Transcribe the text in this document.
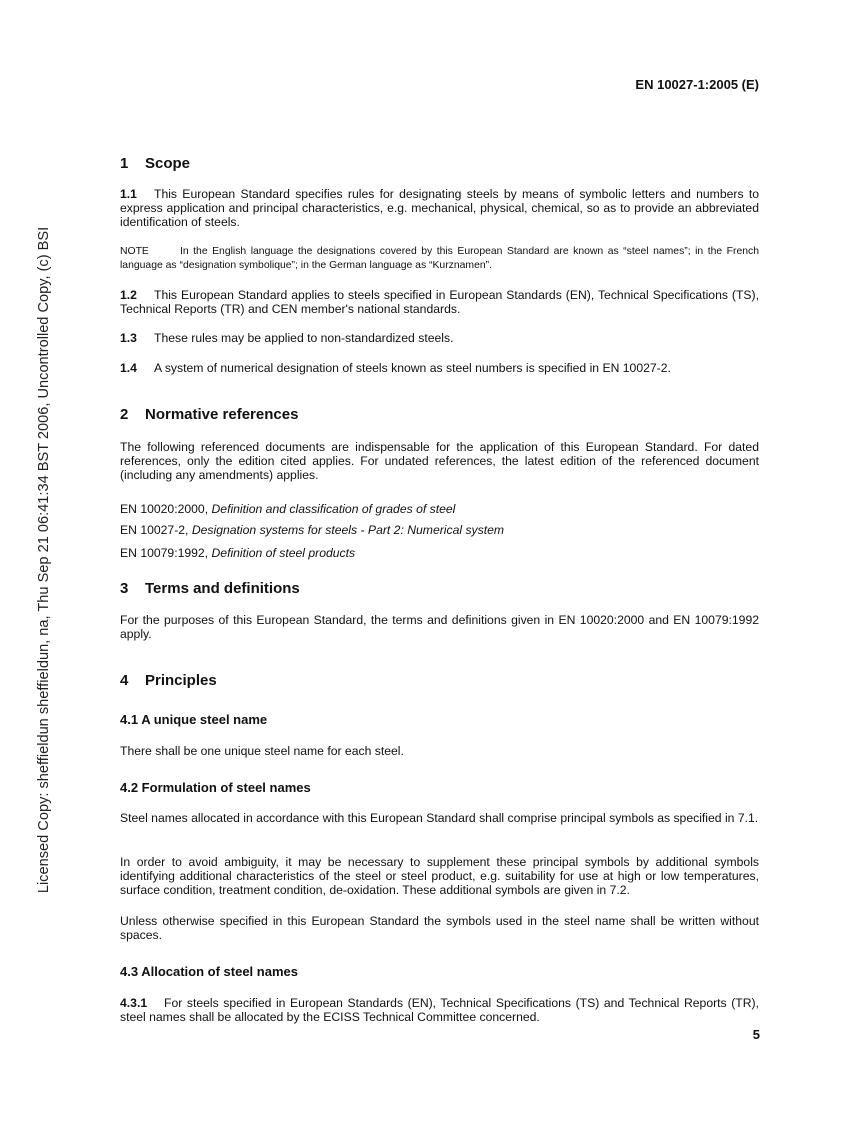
EN 10027-1:2005 (E)
Licensed Copy: sheffieldun sheffieldun, na, Thu Sep 21 06:41:34 BST 2006, Uncontrolled Copy, (c) BSI
1 Scope

1.1 This European Standard specifies rules for designating steels by means of symbolic letters and numbers to express application and principal characteristics, e.g. mechanical, physical, chemical, so as to provide an abbreviated identification of steels.

NOTE	In the English language the designations covered by this European Standard are known as “steel names”; in the French language as “designation symbolique”; in the German language as “Kurznamen”.

1.2 This European Standard applies to steels specified in European Standards (EN), Technical Specifications (TS), Technical Reports (TR) and CEN member's national standards.

1.3 These rules may be applied to non-standardized steels.

1.4 A system of numerical designation of steels known as steel numbers is specified in EN 10027-2.

2 Normative references

The following referenced documents are indispensable for the application of this European Standard. For dated references, only the edition cited applies. For undated references, the latest edition of the referenced document (including any amendments) applies.

EN 10020:2000, Definition and classification of grades of steel

EN 10027-2, Designation systems for steels - Part 2: Numerical system

EN 10079:1992, Definition of steel products

3 Terms and definitions

For the purposes of this European Standard, the terms and definitions given in EN 10020:2000 and EN 10079:1992 apply.

4 Principles
4.1 A unique steel name

There shall be one unique steel name for each steel.

4.2 Formulation of steel names

Steel names allocated in accordance with this European Standard shall comprise principal symbols as specified in 7.1.

In order to avoid ambiguity, it may be necessary to supplement these principal symbols by additional symbols identifying additional characteristics of the steel or steel product, e.g. suitability for use at high or low temperatures, surface condition, treatment condition, de-oxidation. These additional symbols are given in 7.2.

Unless otherwise specified in this European Standard the symbols used in the steel name shall be written without spaces.

4.3 Allocation of steel names

4.3.1 For steels specified in European Standards (EN), Technical Specifications (TS) and Technical Reports (TR), steel names shall be allocated by the ECISS Technical Committee concerned.

5
